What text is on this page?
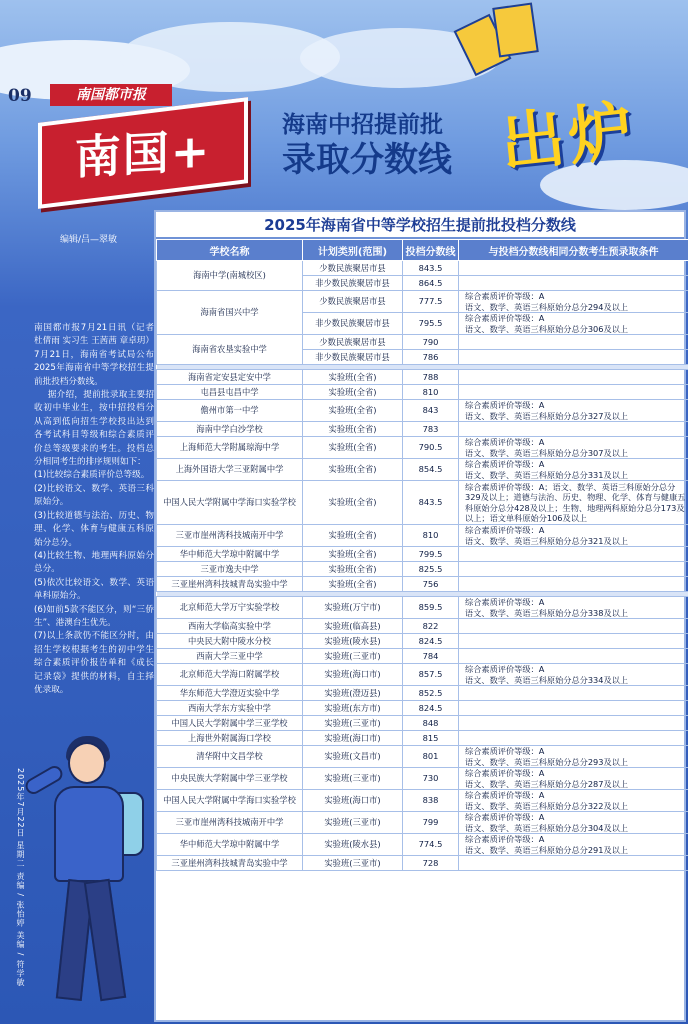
09	南国都市报
南国+
编辑/吕—翠敏
海南中招提前批
录取分数线 出炉

南国都市报7月21日讯（记者 杜倩雨 实习生 王茜茜 章卓玥）7月21日，海南省考试局公布2025年海南省中等学校招生提前批投档分数线。

据介绍，提前批录取主要招收初中毕业生，按中招投档分从高到低向招生学校投出达到各考试科目等级和综合素质评价总等级要求的考生。投档总分相同考生的排序规则如下：

(1)比较综合素质评价总等级。

(2)比较语文、数学、英语三科原始分。

(3)比较道德与法治、历史、物理、化学、体育与健康五科原始分总分。

(4)比较生物、地理两科原始分总分。

(5)依次比较语文、数学、英语单科原始分。

(6)如前5款不能区分，则“三侨生”、港澳台生优先。

(7)以上条款仍不能区分时，由招生学校根据考生的初中学生综合素质评价报告单和《成长记录袋》提供的材料，自主择优录取。

2025年7月22日 星期二 责编 / 张怡婷 美编 / 符学敏
2025年海南省中等学校招生提前批投档分数线
学校名称	计划类别(范围)	投档分数线	与投档分数线相同分数考生预录取条件
海南中学(南城校区)	少数民族聚居市县	843.5	
	非少数民族聚居市县	864.5	
海南省国兴中学	少数民族聚居市县	777.5	综合素质评价等级：A
语文、数学、英语三科原始分总分294及以上
	非少数民族聚居市县	795.5	综合素质评价等级：A
语文、数学、英语三科原始分总分306及以上
海南省农垦实验中学	少数民族聚居市县	790	
	非少数民族聚居市县	786	

海南省定安县定安中学	实验班(全省)	788	
屯昌县屯昌中学	实验班(全省)	810	
儋州市第一中学	实验班(全省)	843	综合素质评价等级：A
语文、数学、英语三科原始分总分327及以上
海南中学白沙学校	实验班(全省)	783	
上海师范大学附属琼海中学	实验班(全省)	790.5	综合素质评价等级：A
语文、数学、英语三科原始分总分307及以上
上海外国语大学三亚附属中学	实验班(全省)	854.5	综合素质评价等级：A
语文、数学、英语三科原始分总分331及以上
中国人民大学附属中学海口实验学校	实验班(全省)	843.5	综合素质评价等级：A；语文、数学、英语三科原始分总分329及以上；道德与法治、历史、物理、化学、体育与健康五科原始分总分428及以上；生物、地理两科原始分总分173及以上；语文单科原始分106及以上
三亚市崖州湾科技城南开中学	实验班(全省)	810	综合素质评价等级：A
语文、数学、英语三科原始分总分321及以上
华中师范大学琼中附属中学	实验班(全省)	799.5	
三亚市逸夫中学	实验班(全省)	825.5	
三亚崖州湾科技城青岛实验中学	实验班(全省)	756	

北京师范大学万宁实验学校	实验班(万宁市)	859.5	综合素质评价等级：A
语文、数学、英语三科原始分总分338及以上
西南大学临高实验中学	实验班(临高县)	822	
中央民大附中陵水分校	实验班(陵水县)	824.5	
西南大学三亚中学	实验班(三亚市)	784	
北京师范大学海口附属学校	实验班(海口市)	857.5	综合素质评价等级：A
语文、数学、英语三科原始分总分334及以上
华东师范大学澄迈实验中学	实验班(澄迈县)	852.5	
西南大学东方实验中学	实验班(东方市)	824.5	
中国人民大学附属中学三亚学校	实验班(三亚市)	848	
上海世外附属海口学校	实验班(海口市)	815	
清华附中文昌学校	实验班(文昌市)	801	综合素质评价等级：A
语文、数学、英语三科原始分总分293及以上
中央民族大学附属中学三亚学校	实验班(三亚市)	730	综合素质评价等级：A
语文、数学、英语三科原始分总分287及以上
中国人民大学附属中学海口实验学校	实验班(海口市)	838	综合素质评价等级：A
语文、数学、英语三科原始分总分322及以上
三亚市崖州湾科技城南开中学	实验班(三亚市)	799	综合素质评价等级：A
语文、数学、英语三科原始分总分304及以上
华中师范大学琼中附属中学	实验班(陵水县)	774.5	综合素质评价等级：A
语文、数学、英语三科原始分总分291及以上
三亚崖州湾科技城青岛实验中学	实验班(三亚市)	728	
